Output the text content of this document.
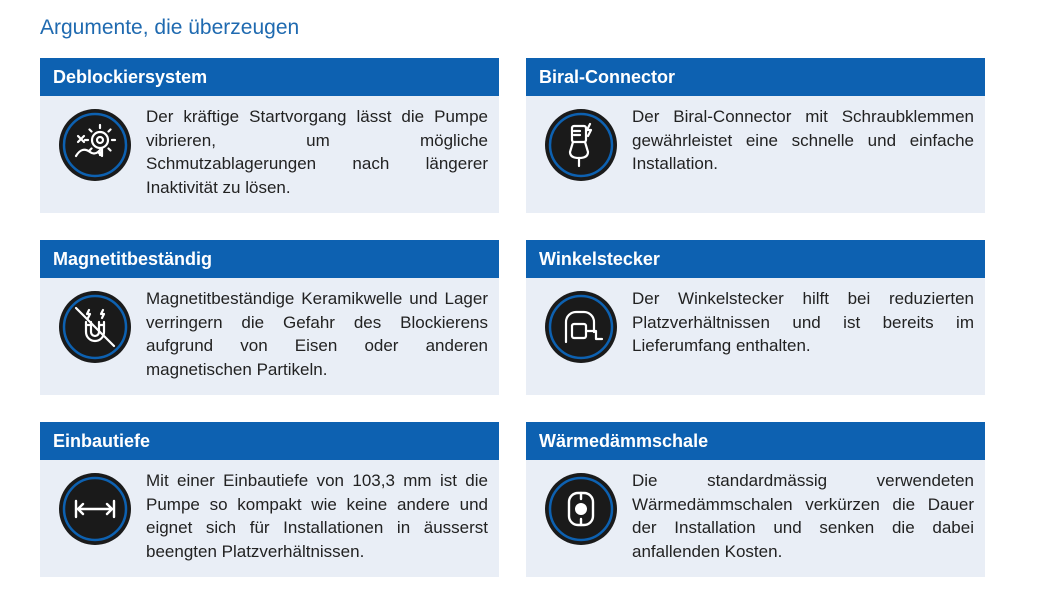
Argumente, die überzeugen
Deblockiersystem
Der kräftige Startvorgang lässt die Pumpe vibrieren, um mögliche Schmutzablagerungen nach längerer Inaktivität zu lösen.
Biral-Connector
Der Biral-Connector mit Schraubklemmen gewährleistet eine schnelle und einfache Installation.
Magnetitbeständig
Magnetitbeständige Keramikwelle und Lager verringern die Gefahr des Blockierens aufgrund von Eisen oder anderen magnetischen Partikeln.
Winkelstecker
Der Winkelstecker hilft bei reduzierten Platzverhältnissen und ist bereits im Lieferumfang enthalten.
Einbautiefe
Mit einer Einbautiefe von 103,3 mm ist die Pumpe so kompakt wie keine andere und eignet sich für Installationen in äusserst beengten Platzverhältnissen.
Wärmedämmschale
Die standardmässig verwendeten Wärmedämmschalen verkürzen die Dauer der Installation und senken die dabei anfallenden Kosten.
